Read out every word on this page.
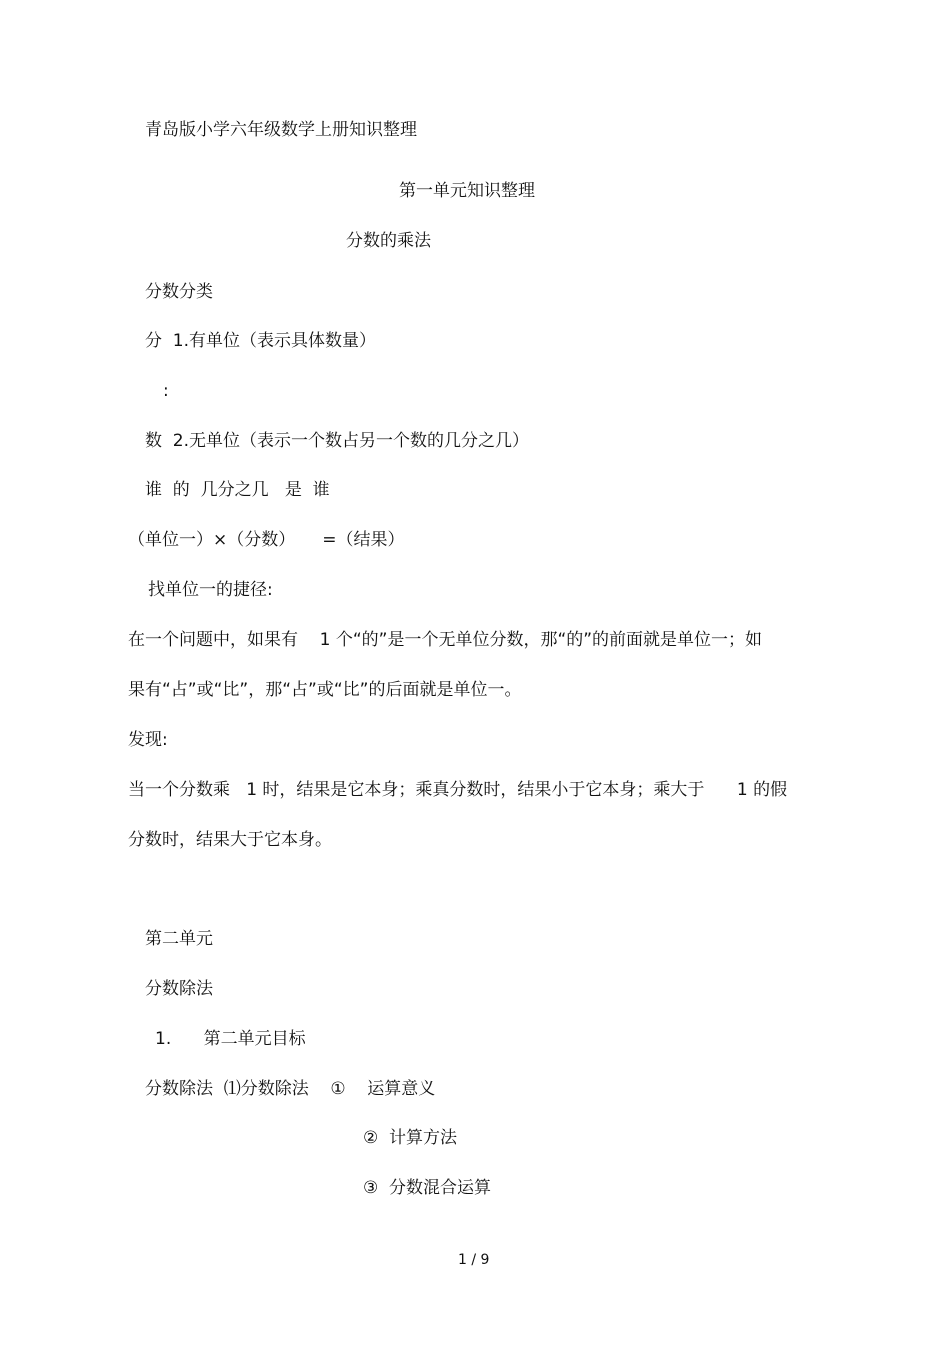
青岛版小学六年级数学上册知识整理
第一单元知识整理
分数的乘法
分数分类
分  1.有单位（表示具体数量）
:
数  2.无单位（表示一个数占另一个数的几分之几）
谁  的  几分之几   是  谁
（单位一）×（分数）     =（结果）
找单位一的捷径:
在一个问题中，如果有    1 个“的”是一个无单位分数，那“的”的前面就是单位一；如
果有“占”或“比”，那“占”或“比”的后面就是单位一。
发现:
当一个分数乘   1 时，结果是它本身；乘真分数时，结果小于它本身；乘大于      1 的假
分数时，结果大于它本身。
第二单元
分数除法
1.      第二单元目标
分数除法  ⑴分数除法    ①    运算意义
②  计算方法
③  分数混合运算
1 / 9
